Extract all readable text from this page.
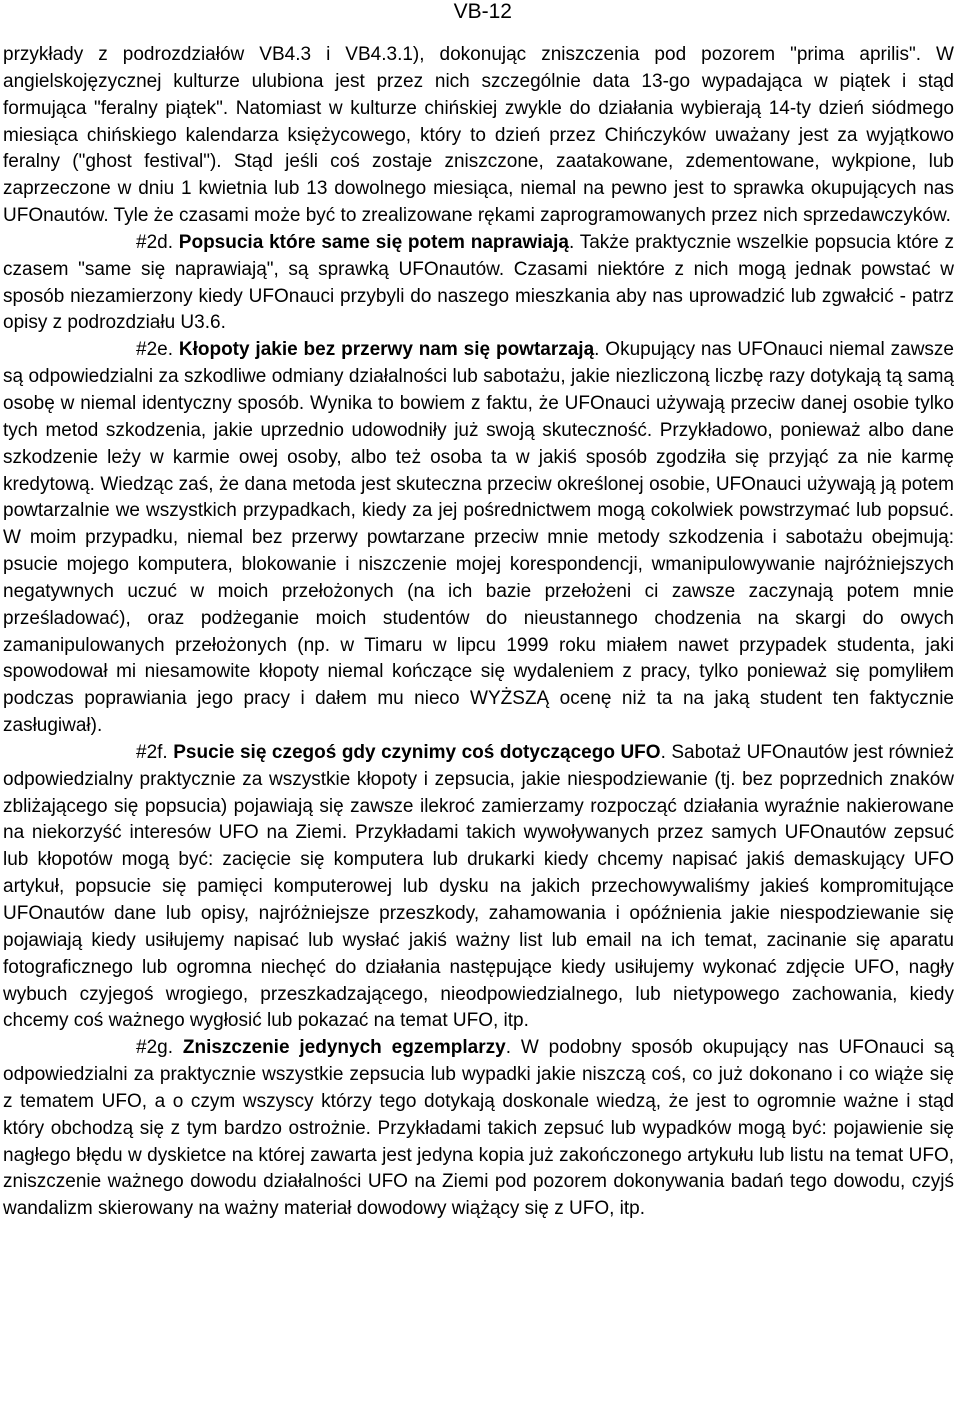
VB-12

przykłady z podrozdziałów VB4.3 i VB4.3.1), dokonując zniszczenia pod pozorem "prima aprilis". W angielskojęzycznej kulturze ulubiona jest przez nich szczególnie data 13-go wypadająca w piątek i stąd formująca "feralny piątek". Natomiast w kulturze chińskiej zwykle do działania wybierają 14-ty dzień siódmego miesiąca chińskiego kalendarza księżycowego, który to dzień przez Chińczyków uważany jest za wyjątkowo feralny ("ghost festival"). Stąd jeśli coś zostaje zniszczone, zaatakowane, zdementowane, wykpione, lub zaprzeczone w dniu 1 kwietnia lub 13 dowolnego miesiąca, niemal na pewno jest to sprawka okupujących nas UFOnautów. Tyle że czasami może być to zrealizowane rękami zaprogramowanych przez nich sprzedawczyków.

#2d. Popsucia które same się potem naprawiają. Także praktycznie wszelkie popsucia które z czasem "same się naprawiają", są sprawką UFOnautów. Czasami niektóre z nich mogą jednak powstać w sposób niezamierzony kiedy UFOnauci przybyli do naszego mieszkania aby nas uprowadzić lub zgwałcić - patrz opisy z podrozdziału U3.6.

#2e. Kłopoty jakie bez przerwy nam się powtarzają. Okupujący nas UFOnauci niemal zawsze są odpowiedzialni za szkodliwe odmiany działalności lub sabotażu, jakie niezliczoną liczbę razy dotykają tą samą osobę w niemal identyczny sposób. Wynika to bowiem z faktu, że UFOnauci używają przeciw danej osobie tylko tych metod szkodzenia, jakie uprzednio udowodniły już swoją skuteczność. Przykładowo, ponieważ albo dane szkodzenie leży w karmie owej osoby, albo też osoba ta w jakiś sposób zgodziła się przyjąć za nie karmę kredytową. Wiedząc zaś, że dana metoda jest skuteczna przeciw określonej osobie, UFOnauci używają ją potem powtarzalnie we wszystkich przypadkach, kiedy za jej pośrednictwem mogą cokolwiek powstrzymać lub popsuć. W moim przypadku, niemal bez przerwy powtarzane przeciw mnie metody szkodzenia i sabotażu obejmują: psucie mojego komputera, blokowanie i niszczenie mojej korespondencji, wmanipulowywanie najróżniejszych negatywnych uczuć w moich przełożonych (na ich bazie przełożeni ci zawsze zaczynają potem mnie prześladować), oraz podżeganie moich studentów do nieustannego chodzenia na skargi do owych zamanipulowanych przełożonych (np. w Timaru w lipcu 1999 roku miałem nawet przypadek studenta, jaki spowodował mi niesamowite kłopoty niemal kończące się wydaleniem z pracy, tylko ponieważ się pomyliłem podczas poprawiania jego pracy i dałem mu nieco WYŻSZĄ ocenę niż ta na jaką student ten faktycznie zasługiwał).

#2f. Psucie się czegoś gdy czynimy coś dotyczącego UFO. Sabotaż UFOnautów jest również odpowiedzialny praktycznie za wszystkie kłopoty i zepsucia, jakie niespodziewanie (tj. bez poprzednich znaków zbliżającego się popsucia) pojawiają się zawsze ilekroć zamierzamy rozpocząć działania wyraźnie nakierowane na niekorzyść interesów UFO na Ziemi. Przykładami takich wywoływanych przez samych UFOnautów zepsuć lub kłopotów mogą być: zacięcie się komputera lub drukarki kiedy chcemy napisać jakiś demaskujący UFO artykuł, popsucie się pamięci komputerowej lub dysku na jakich przechowywaliśmy jakieś kompromitujące UFOnautów dane lub opisy, najróżniejsze przeszkody, zahamowania i opóźnienia jakie niespodziewanie się pojawiają kiedy usiłujemy napisać lub wysłać jakiś ważny list lub email na ich temat, zacinanie się aparatu fotograficznego lub ogromna niechęć do działania następujące kiedy usiłujemy wykonać zdjęcie UFO, nagły wybuch czyjegoś wrogiego, przeszkadzającego, nieodpowiedzialnego, lub nietypowego zachowania, kiedy chcemy coś ważnego wygłosić lub pokazać na temat UFO, itp.

#2g. Zniszczenie jedynych egzemplarzy. W podobny sposób okupujący nas UFOnauci są odpowiedzialni za praktycznie wszystkie zepsucia lub wypadki jakie niszczą coś, co już dokonano i co wiąże się z tematem UFO, a o czym wszyscy którzy tego dotykają doskonale wiedzą, że jest to ogromnie ważne i stąd który obchodzą się z tym bardzo ostrożnie. Przykładami takich zepsuć lub wypadków mogą być: pojawienie się nagłego błędu w dyskietce na której zawarta jest jedyna kopia już zakończonego artykułu lub listu na temat UFO, zniszczenie ważnego dowodu działalności UFO na Ziemi pod pozorem dokonywania badań tego dowodu, czyjś wandalizm skierowany na ważny materiał dowodowy wiążący się z UFO, itp.
